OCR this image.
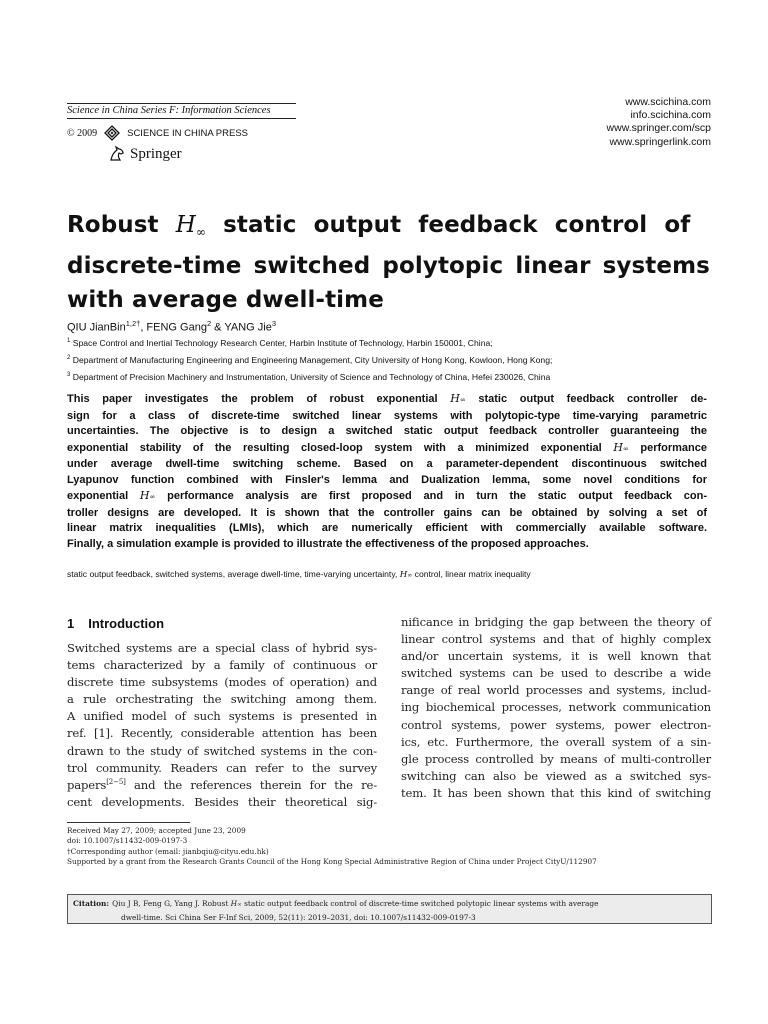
Science in China Series F: Information Sciences
© 2009	SCIENCE IN CHINA PRESS
Springer
www.scichina.com
info.scichina.com
www.springer.com/scp
www.springerlink.com
Robust H∞ static output feedback control of
discrete-time switched polytopic linear systems
with average dwell-time
QIU JianBin$^{1,2\dagger}$, FENG Gang$^2$ & YANG Jie$^3$
$^1$ Space Control and Inertial Technology Research Center, Harbin Institute of Technology, Harbin 150001, China;
$^2$ Department of Manufacturing Engineering and Engineering Management, City University of Hong Kong, Kowloon, Hong Kong;
$^3$ Department of Precision Machinery and Instrumentation, University of Science and Technology of China, Hefei 230026, China
This paper investigates the problem of robust exponential H∞ static output feedback controller de-
sign for a class of discrete-time switched linear systems with polytopic-type time-varying parametric
uncertainties. The objective is to design a switched static output feedback controller guaranteeing the
exponential stability of the resulting closed-loop system with a minimized exponential H∞ performance
under average dwell-time switching scheme. Based on a parameter-dependent discontinuous switched
Lyapunov function combined with Finsler's lemma and Dualization lemma, some novel conditions for
exponential H∞ performance analysis are first proposed and in turn the static output feedback con-
troller designs are developed. It is shown that the controller gains can be obtained by solving a set of
linear matrix inequalities (LMIs), which are numerically efficient with commercially available software.
Finally, a simulation example is provided to illustrate the effectiveness of the proposed approaches.
static output feedback, switched systems, average dwell-time, time-varying uncertainty, H∞ control, linear matrix inequality
1 Introduction
Switched systems are a special class of hybrid sys-
tems characterized by a family of continuous or
discrete time subsystems (modes of operation) and
a rule orchestrating the switching among them.
A unified model of such systems is presented in
ref. [1]. Recently, considerable attention has been
drawn to the study of switched systems in the con-
trol community. Readers can refer to the survey
papers[2−5] and the references therein for the re-
cent developments. Besides their theoretical sig-
nificance in bridging the gap between the theory of
linear control systems and that of highly complex
and/or uncertain systems, it is well known that
switched systems can be used to describe a wide
range of real world processes and systems, includ-
ing biochemical processes, network communication
control systems, power systems, power electron-
ics, etc. Furthermore, the overall system of a sin-
gle process controlled by means of multi-controller
switching can also be viewed as a switched sys-
tem. It has been shown that this kind of switching
Received May 27, 2009; accepted June 23, 2009
doi: 10.1007/s11432-009-0197-3
†Corresponding author (email: jianbqiu@cityu.edu.hk)
Supported by a grant from the Research Grants Council of the Hong Kong Special Administrative Region of China under Project CityU/112907
Citation: Qiu J B, Feng G, Yang J. Robust H∞ static output feedback control of discrete-time switched polytopic linear systems with average
dwell-time. Sci China Ser F-Inf Sci, 2009, 52(11): 2019–2031, doi: 10.1007/s11432-009-0197-3
